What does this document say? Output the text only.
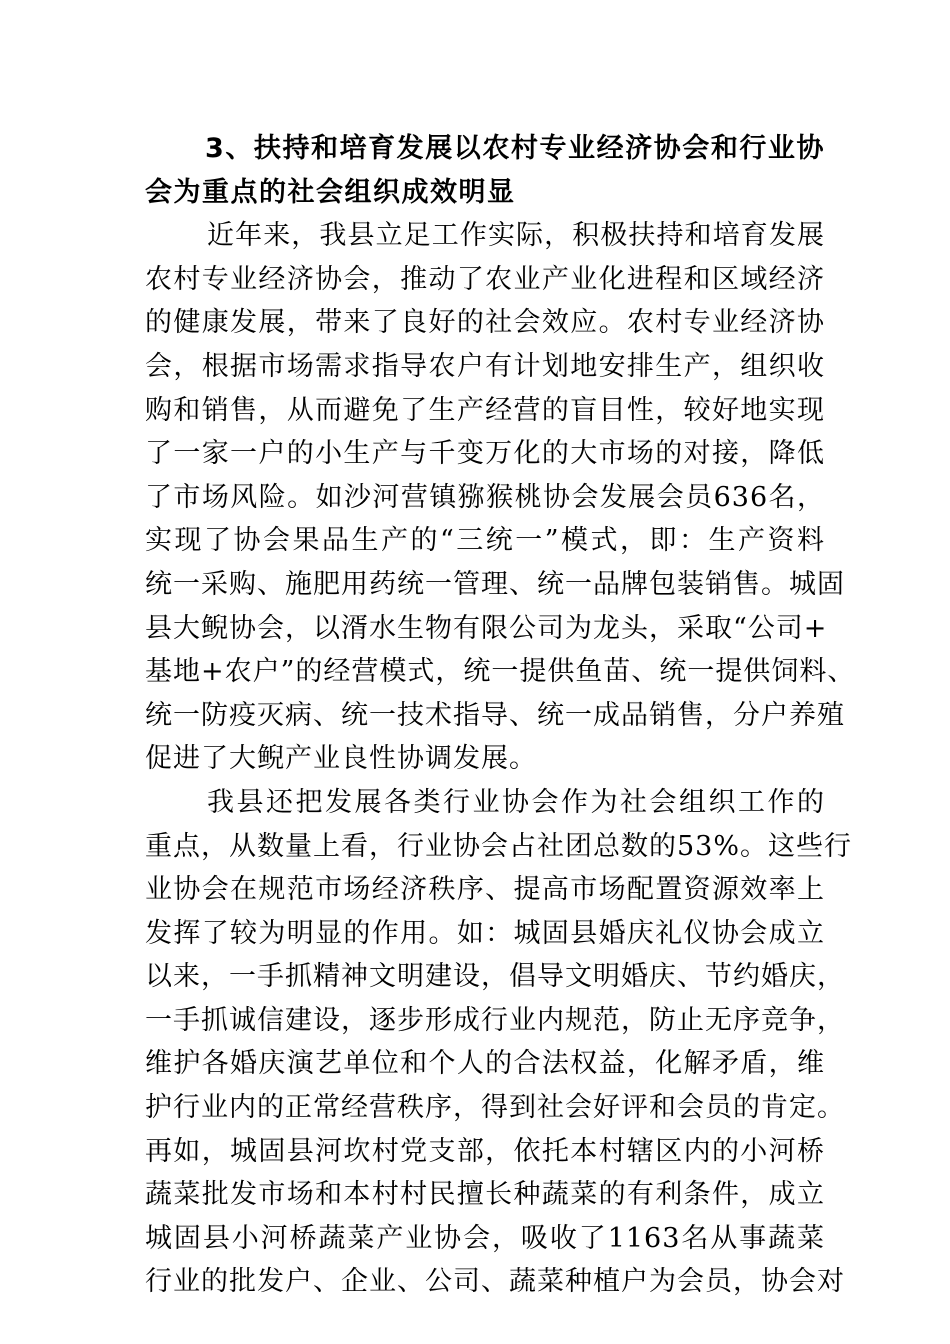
3、扶持和培育发展以农村专业经济协会和行业协
会为重点的社会组织成效明显
近年来，我县立足工作实际，积极扶持和培育发展
农村专业经济协会，推动了农业产业化进程和区域经济
的健康发展，带来了良好的社会效应。农村专业经济协
会，根据市场需求指导农户有计划地安排生产，组织收
购和销售，从而避免了生产经营的盲目性，较好地实现
了一家一户的小生产与千变万化的大市场的对接，降低
了市场风险。如沙河营镇猕猴桃协会发展会员636名，
实现了协会果品生产的“三统一”模式，即：生产资料
统一采购、施肥用药统一管理、统一品牌包装销售。城固
县大鲵协会，以湑水生物有限公司为龙头，采取“公司+
基地+农户”的经营模式，统一提供鱼苗、统一提供饲料、
统一防疫灭病、统一技术指导、统一成品销售，分户养殖
促进了大鲵产业良性协调发展。
我县还把发展各类行业协会作为社会组织工作的
重点，从数量上看，行业协会占社团总数的53%。这些行
业协会在规范市场经济秩序、提高市场配置资源效率上
发挥了较为明显的作用。如：城固县婚庆礼仪协会成立
以来，一手抓精神文明建设，倡导文明婚庆、节约婚庆，
一手抓诚信建设，逐步形成行业内规范，防止无序竞争，
维护各婚庆演艺单位和个人的合法权益，化解矛盾，维
护行业内的正常经营秩序，得到社会好评和会员的肯定。
再如，城固县河坎村党支部，依托本村辖区内的小河桥
蔬菜批发市场和本村村民擅长种蔬菜的有利条件，成立
城固县小河桥蔬菜产业协会，吸收了1163名从事蔬菜
行业的批发户、企业、公司、蔬菜种植户为会员，协会对
